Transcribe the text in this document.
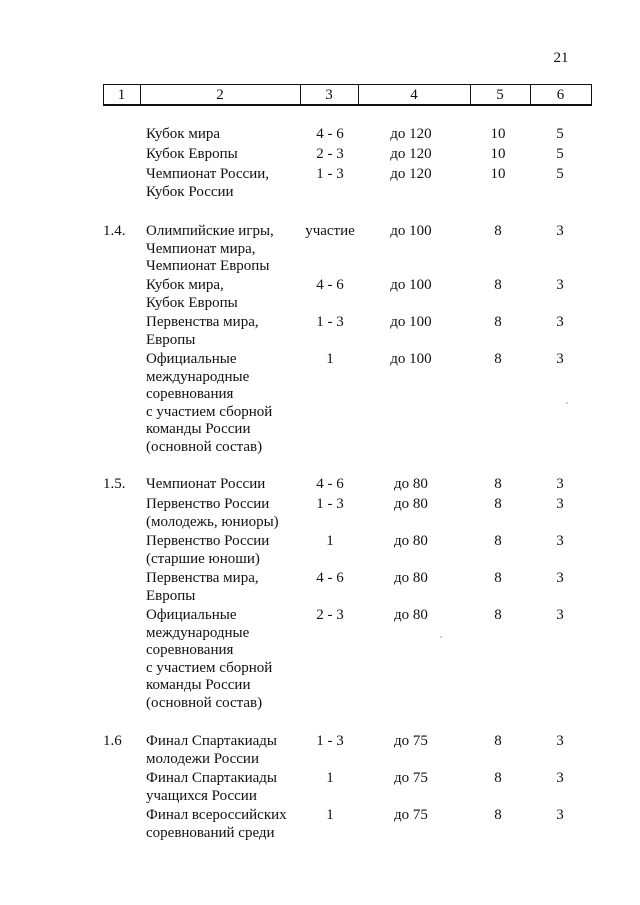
21
1	2	3	4	5	6
Кубок мира	4 - 6	до 120	10	5
Кубок Европы	2 - 3	до 120	10	5
Чемпионат России,
Кубок России
1 - 3	до 120	10	5
1.4.	Олимпийские игры,
Чемпионат мира,
Чемпионат Европы
участие	до 100	8	3
Кубок мира,
Кубок Европы
4 - 6	до 100	8	3
Первенства мира,
Европы
1 - 3	до 100	8	3
Официальные
международные
соревнования
с участием сборной
команды России
(основной состав)
1	до 100	8	3
1.5.	Чемпионат России	4 - 6	до 80	8	3
Первенство России
(молодежь, юниоры)
1 - 3	до 80	8	3
Первенство России
(старшие юноши)
1	до 80	8	3
Первенства мира,
Европы
4 - 6	до 80	8	3
Официальные
международные
соревнования
с участием сборной
команды России
(основной состав)
2 - 3	до 80	8	3
1.6	Финал Спартакиады
молодежи России
1 - 3	до 75	8	3
Финал Спартакиады
учащихся России
1	до 75	8	3
Финал всероссийских
соревнований среди
1	до 75	8	3
